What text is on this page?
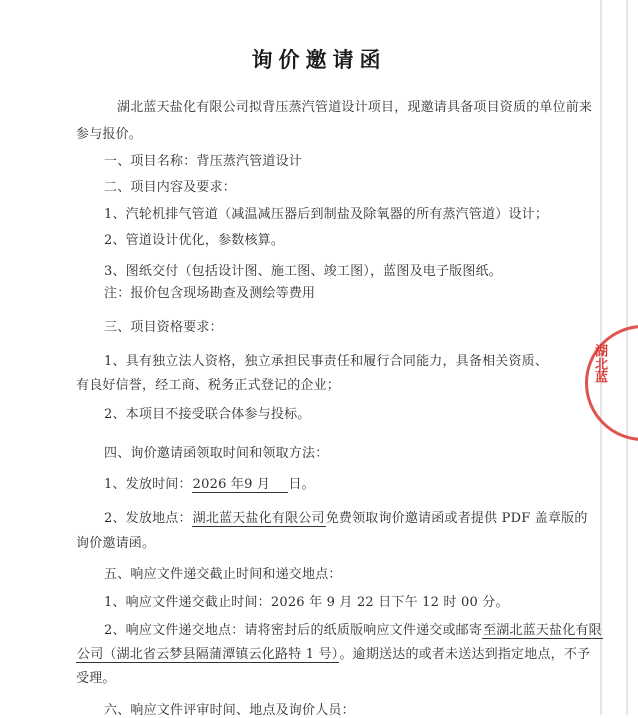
询价邀请函
湖北蓝天盐化有限公司拟背压蒸汽管道设计项目，现邀请具备项目资质的单位前来
参与报价。
一、项目名称：背压蒸汽管道设计
二、项目内容及要求：
1、汽轮机排气管道（减温减压器后到制盐及除氧器的所有蒸汽管道）设计；
2、管道设计优化，参数核算。
3、图纸交付（包括设计图、施工图、竣工图），蓝图及电子版图纸。
注：报价包含现场勘查及测绘等费用
三、项目资格要求：
1、具有独立法人资格，独立承担民事责任和履行合同能力，具备相关资质、
有良好信誉，经工商、税务正式登记的企业；
2、本项目不接受联合体参与投标。
四、询价邀请函领取时间和领取方法：
1、发放时间：2026 年9 月 日。
2、发放地点：湖北蓝天盐化有限公司免费领取询价邀请函或者提供 PDF 盖章版的
询价邀请函。
五、响应文件递交截止时间和递交地点：
1、响应文件递交截止时间：2026 年 9 月 22 日下午 12 时 00 分。
2、响应文件递交地点：请将密封后的纸质版响应文件递交或邮寄至湖北蓝天盐化有限
公司（湖北省云梦县隔蒲潭镇云化路特 1 号）。逾期送达的或者未送达到指定地点，不予
受理。
六、响应文件评审时间、地点及询价人员：
湖北蓝
